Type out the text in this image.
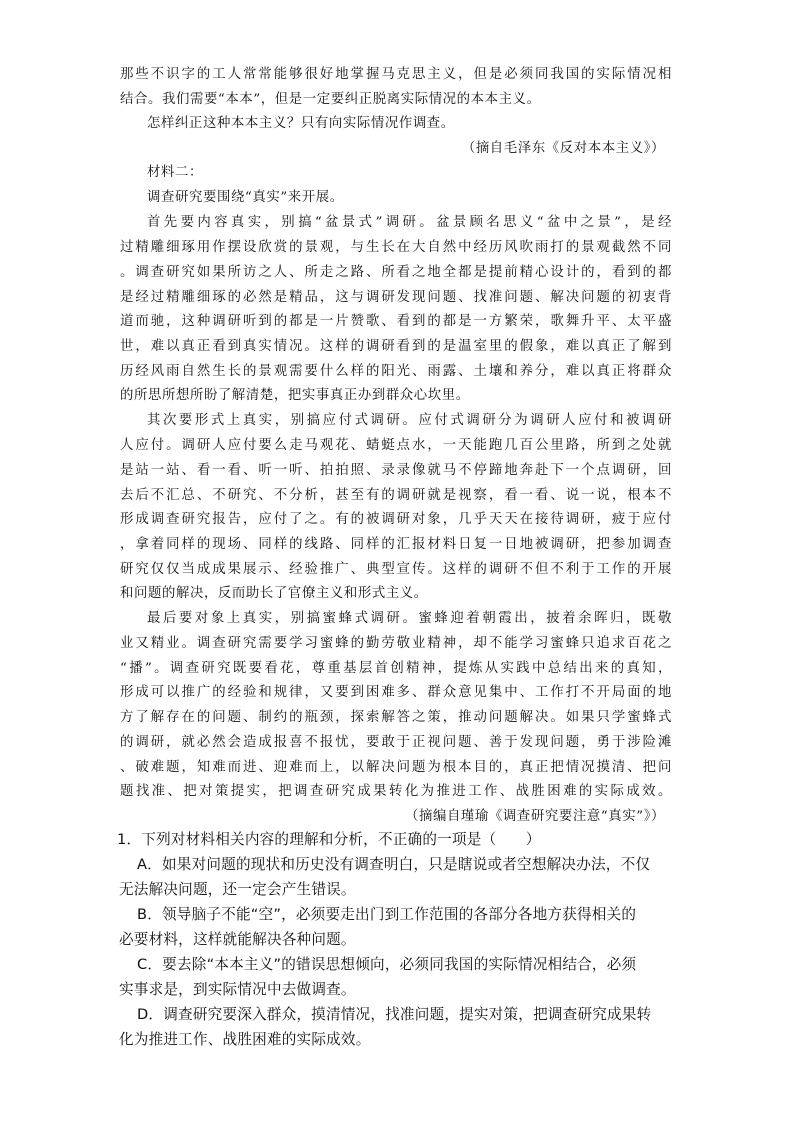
那些不识字的工人常常能够很好地掌握马克思主义，但是必须同我国的实际情况相
结合。我们需要“本本”，但是一定要纠正脱离实际情况的本本主义。
怎样纠正这种本本主义？只有向实际情况作调查。
（摘自毛泽东《反对本本主义》）
材料二：
调查研究要围绕“真实”来开展。
首先要内容真实，别搞“盆景式”调研。盆景顾名思义“盆中之景”，是经
过精雕细琢用作摆设欣赏的景观，与生长在大自然中经历风吹雨打的景观截然不同
。调查研究如果所访之人、所走之路、所看之地全都是提前精心设计的，看到的都
是经过精雕细琢的必然是精品，这与调研发现问题、找准问题、解决问题的初衷背
道而驰，这种调研听到的都是一片赞歌、看到的都是一方繁荣，歌舞升平、太平盛
世，难以真正看到真实情况。这样的调研看到的是温室里的假象，难以真正了解到
历经风雨自然生长的景观需要什么样的阳光、雨露、土壤和养分，难以真正将群众
的所思所想所盼了解清楚，把实事真正办到群众心坎里。
其次要形式上真实，别搞应付式调研。应付式调研分为调研人应付和被调研
人应付。调研人应付要么走马观花、蜻蜓点水，一天能跑几百公里路，所到之处就
是站一站、看一看、听一听、拍拍照、录录像就马不停蹄地奔赴下一个点调研，回
去后不汇总、不研究、不分析，甚至有的调研就是视察，看一看、说一说，根本不
形成调查研究报告，应付了之。有的被调研对象，几乎天天在接待调研，疲于应付
，拿着同样的现场、同样的线路、同样的汇报材料日复一日地被调研，把参加调查
研究仅仅当成成果展示、经验推广、典型宣传。这样的调研不但不利于工作的开展
和问题的解决，反而助长了官僚主义和形式主义。
最后要对象上真实，别搞蜜蜂式调研。蜜蜂迎着朝霞出，披着余晖归，既敬
业又精业。调查研究需要学习蜜蜂的勤劳敬业精神，却不能学习蜜蜂只追求百花之
“播”。调查研究既要看花，尊重基层首创精神，提炼从实践中总结出来的真知，
形成可以推广的经验和规律，又要到困难多、群众意见集中、工作打不开局面的地
方了解存在的问题、制约的瓶颈，探索解答之策，推动问题解决。如果只学蜜蜂式
的调研，就必然会造成报喜不报忧，要敢于正视问题、善于发现问题，勇于涉险滩
、破难题，知难而进、迎难而上，以解决问题为根本目的，真正把情况摸清、把问
题找准、把对策提实，把调查研究成果转化为推进工作、战胜困难的实际成效。
（摘编自瑾瑜《调查研究要注意“真实”》）
1．下列对材料相关内容的理解和分析，不正确的一项是（　　）
A．如果对问题的现状和历史没有调查明白，只是瞎说或者空想解决办法，不仅
无法解决问题，还一定会产生错误。
B．领导脑子不能“空”，必须要走出门到工作范围的各部分各地方获得相关的
必要材料，这样就能解决各种问题。
C．要去除“本本主义”的错误思想倾向，必须同我国的实际情况相结合，必须
实事求是，到实际情况中去做调查。
D．调查研究要深入群众，摸清情况，找准问题，提实对策，把调查研究成果转
化为推进工作、战胜困难的实际成效。
